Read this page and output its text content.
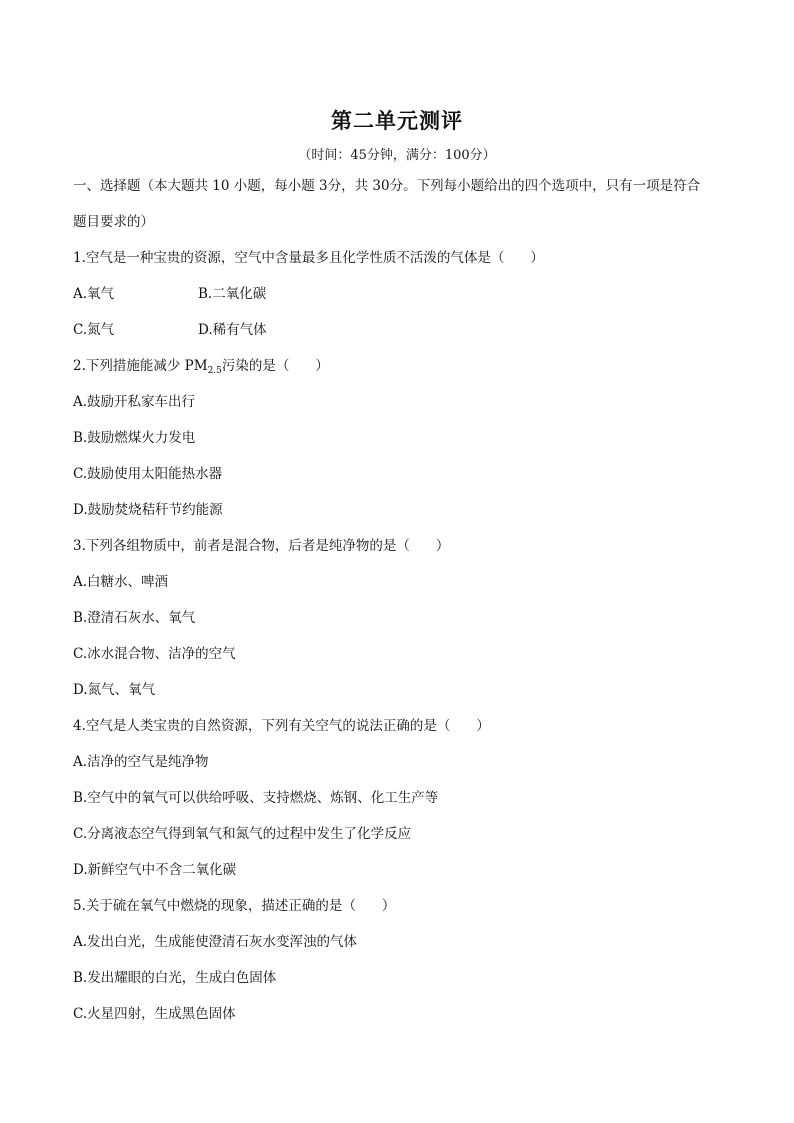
第二单元测评
（时间：45分钟，满分：100分）
一、选择题（本大题共 10 小题，每小题 3分，共 30分。下列每小题给出的四个选项中，只有一项是符合
题目要求的）
1.空气是一种宝贵的资源，空气中含量最多且化学性质不活泼的气体是（ ）
A.氧气	B.二氧化碳
C.氮气	D.稀有气体
2.下列措施能减少 $PM_{2.5}$污染的是（ ）
A.鼓励开私家车出行
B.鼓励燃煤火力发电
C.鼓励使用太阳能热水器
D.鼓励焚烧秸秆节约能源
3.下列各组物质中，前者是混合物，后者是纯净物的是（ ）
A.白糖水、啤酒
B.澄清石灰水、氧气
C.冰水混合物、洁净的空气
D.氮气、氧气
4.空气是人类宝贵的自然资源，下列有关空气的说法正确的是（ ）
A.洁净的空气是纯净物
B.空气中的氧气可以供给呼吸、支持燃烧、炼钢、化工生产等
C.分离液态空气得到氧气和氮气的过程中发生了化学反应
D.新鲜空气中不含二氧化碳
5.关于硫在氧气中燃烧的现象，描述正确的是（ ）
A.发出白光，生成能使澄清石灰水变浑浊的气体
B.发出耀眼的白光，生成白色固体
C.火星四射，生成黑色固体
